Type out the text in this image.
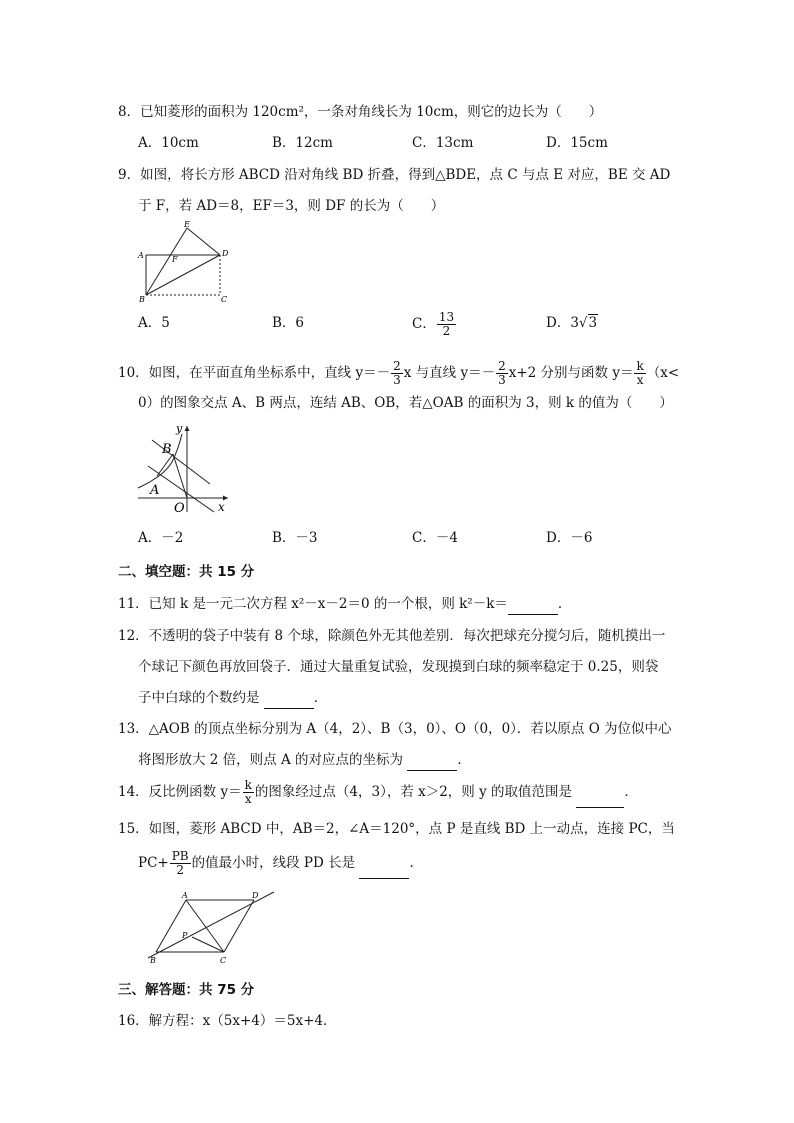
8．已知菱形的面积为 120cm²，一条对角线长为 10cm，则它的边长为（　　）
A．10cm	B．12cm	C．13cm	D．15cm
9．如图，将长方形 ABCD 沿对角线 BD 折叠，得到△BDE，点 C 与点 E 对应，BE 交 AD
于 F，若 AD＝8，EF＝3，则 DF 的长为（　　）
E
A	F
D
B	C
A．5	B．6	C． $\frac{13}{2}$	D．3√3
10．如图，在平面直角坐标系中，直线 $y=- \frac{2}{3}$ x 与直线 $y=- \frac{2}{3} x+2$ 分别与函数 $y= \frac{k}{x} (x<$
0）的图象交点 A、B 两点，连结 AB、OB，若△OAB 的面积为 3，则 k 的值为（　　）
y
B
A
O	x
A．－2	B．－3	C．－4	D．－6
二、填空题：共 15 分
11．已知 k 是一元二次方程 x²－x－2＝0 的一个根，则 k²－k＝	．
12．不透明的袋子中装有 8 个球，除颜色外无其他差别．每次把球充分搅匀后，随机摸出一
个球记下颜色再放回袋子．通过大量重复试验，发现摸到白球的频率稳定于 0.25，则袋
子中白球的个数约是	．
13．△AOB 的顶点坐标分别为 A（4，2）、B（3，0）、O（0，0）．若以原点 O 为位似中心
将图形放大 2 倍，则点 A 的对应点的坐标为	．
14．反比例函数 $y= \frac{k}{x}$ 的图象经过点（4，3），若 x＞2，则 y 的取值范围是	．
15．如图，菱形 ABCD 中，AB＝2，∠A＝120°，点 P 是直线 BD 上一动点，连接 PC，当
$PC+ \frac{PB}{2}$ 的值最小时，线段 PD 长是	．
A	D
P
B	C
三、解答题：共 75 分
16．解方程：x（5x+4）＝5x+4．
